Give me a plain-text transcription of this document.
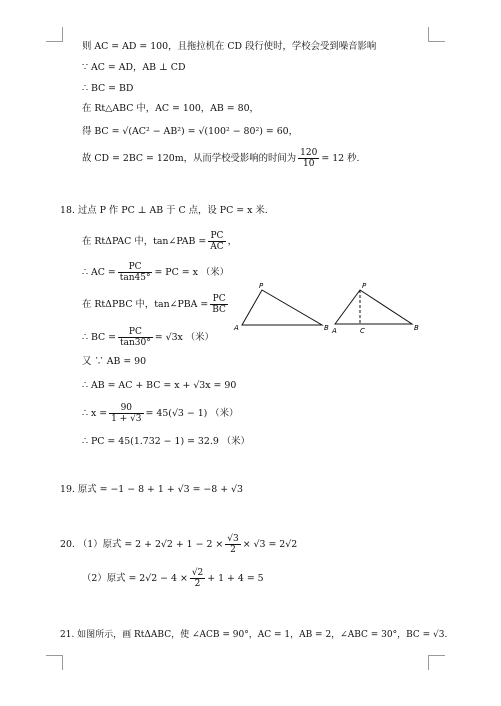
则 AC = AD = 100，且拖拉机在 CD 段行使时，学校会受到噪音影响
∵ AC = AD，AB ⊥ CD
∴ BC = BD
在 Rt△ABC 中，AC = 100，AB = 80，
得 BC = √(AC² − AB²) = √(100² − 80²) = 60，
故 CD = 2BC = 120m，从而学校受影响的时间为 $\frac{120}{10} = 12$ 秒.
18. 过点 P 作 PC ⊥ AB 于 C 点，设 PC = x 米.
在 RtΔPAC 中，tan∠PAB = $\frac{PC}{AC}$ ，
∴ AC = $\frac{PC}{\tan 45^\circ}$ = PC = x （米）
在 RtΔPBC 中，tan∠PBA = $\frac{PC}{BC}$
∴ BC = $\frac{PC}{\tan 30^\circ} = √3x$ （米）
又 ∵ AB = 90
∴ AB = AC + BC = x + √3x = 90
∴ $x = \frac{90}{1 + √3} = 45(√3 - 1)$ （米）
∴ PC = 45(1.732 − 1) = 32.9 （米）
P
A	B
P
A	C	B
19. 原式 = −1 − 8 + 1 + √3 = −8 + √3
20. （1）原式 = $2 + 2√2 + 1 - 2 \times \frac{√3}{2} \times √3 = 2√2$
（2）原式 = $2√2 - 4 \times \frac{√2}{2} + 1 + 4 = 5$
21. 如图所示，画 RtΔABC，使 ∠ACB = 90°，AC = 1，AB = 2，∠ABC = 30°，BC = √3.
